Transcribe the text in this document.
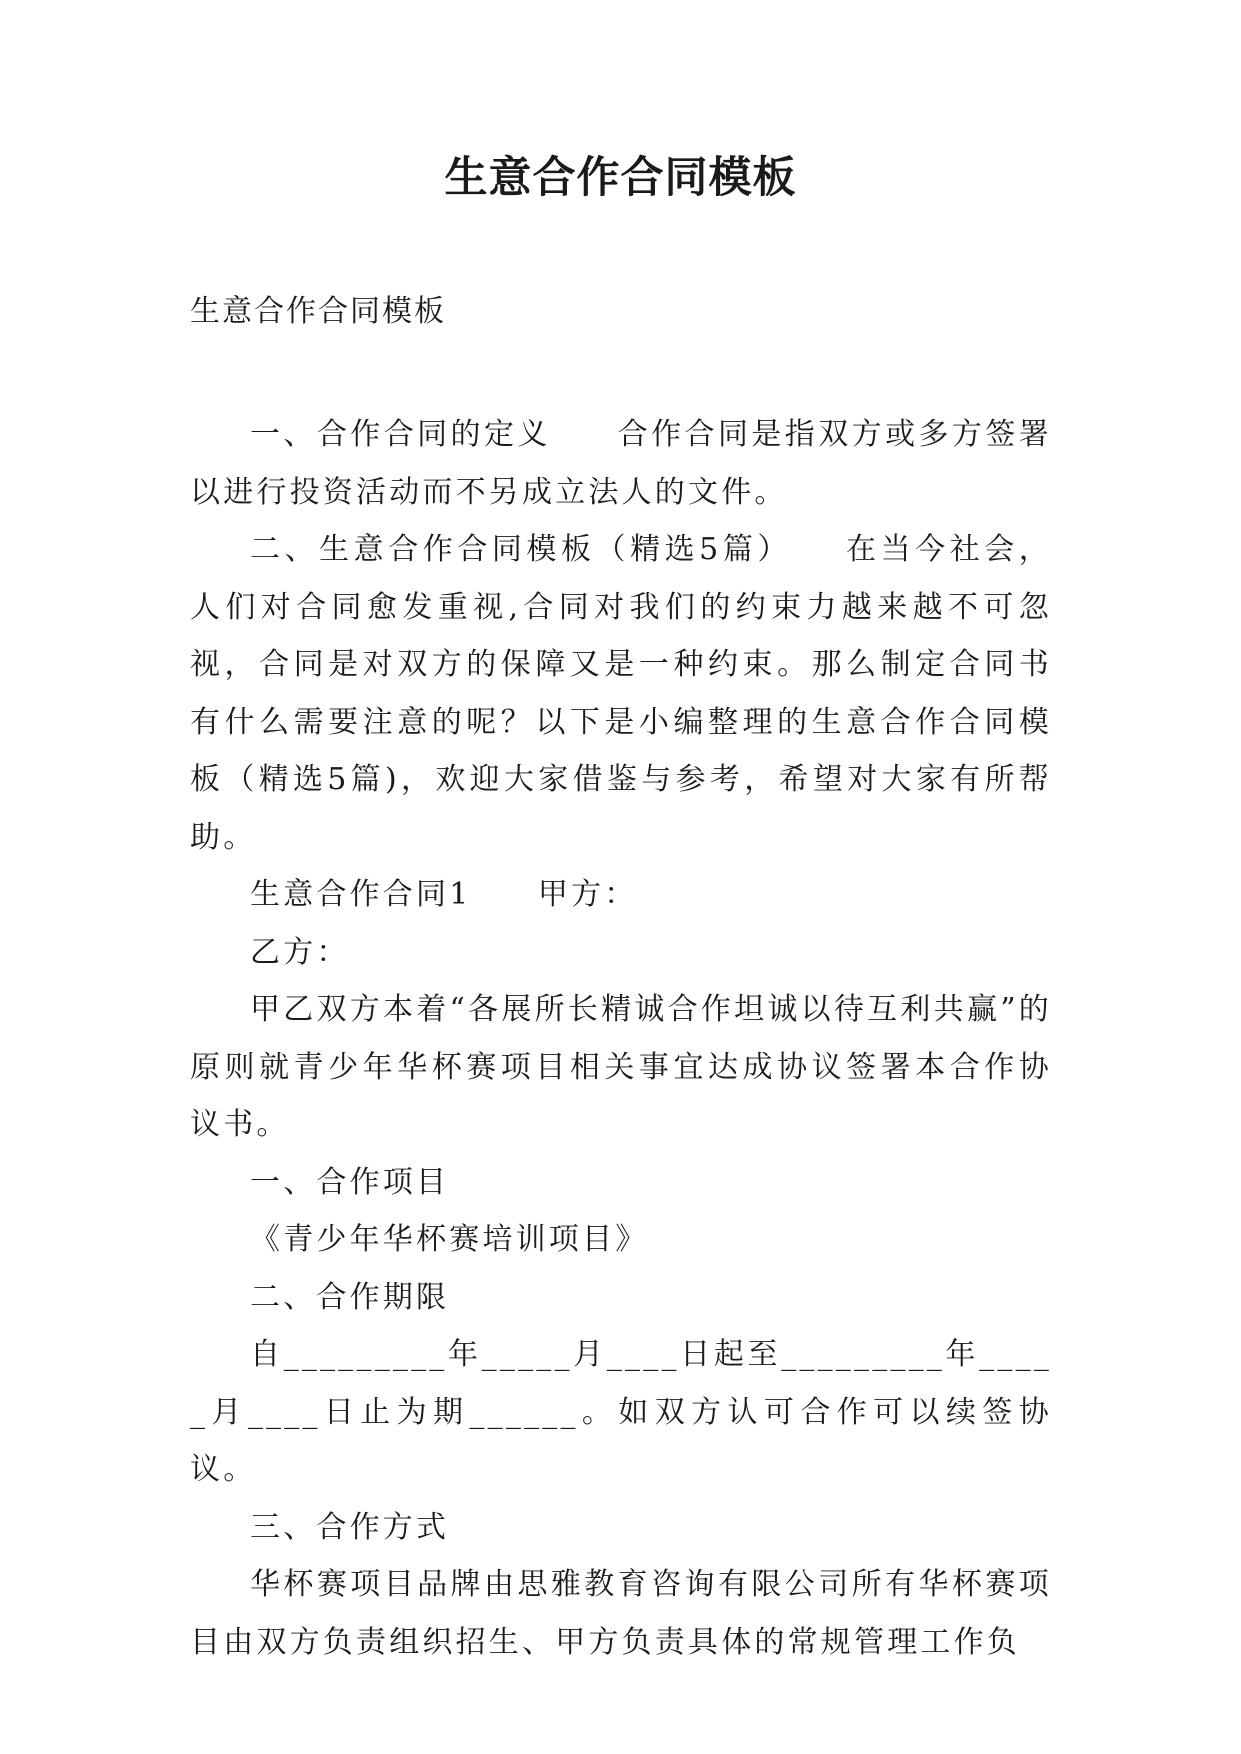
生意合作合同模板
生意合作合同模板

一、合作合同的定义　　合作合同是指双方或多方签署以进行投资活动而不另成立法人的文件。

二、生意合作合同模板（精选5篇）　　在当今社会，人们对合同愈发重视,合同对我们的约束力越来越不可忽视，合同是对双方的保障又是一种约束。那么制定合同书有什么需要注意的呢？以下是小编整理的生意合作合同模板（精选5篇)，欢迎大家借鉴与参考，希望对大家有所帮助。

生意合作合同1　　甲方：

乙方：

甲乙双方本着“各展所长精诚合作坦诚以待互利共赢”的原则就青少年华杯赛项目相关事宜达成协议签署本合作协议书。

一、合作项目

《青少年华杯赛培训项目》

二、合作期限

自_________年_____月____日起至_________年_____月____日止为期______。如双方认可合作可以续签协议。

三、合作方式

华杯赛项目品牌由思雅教育咨询有限公司所有华杯赛项目由双方负责组织招生、甲方负责具体的常规管理工作负
